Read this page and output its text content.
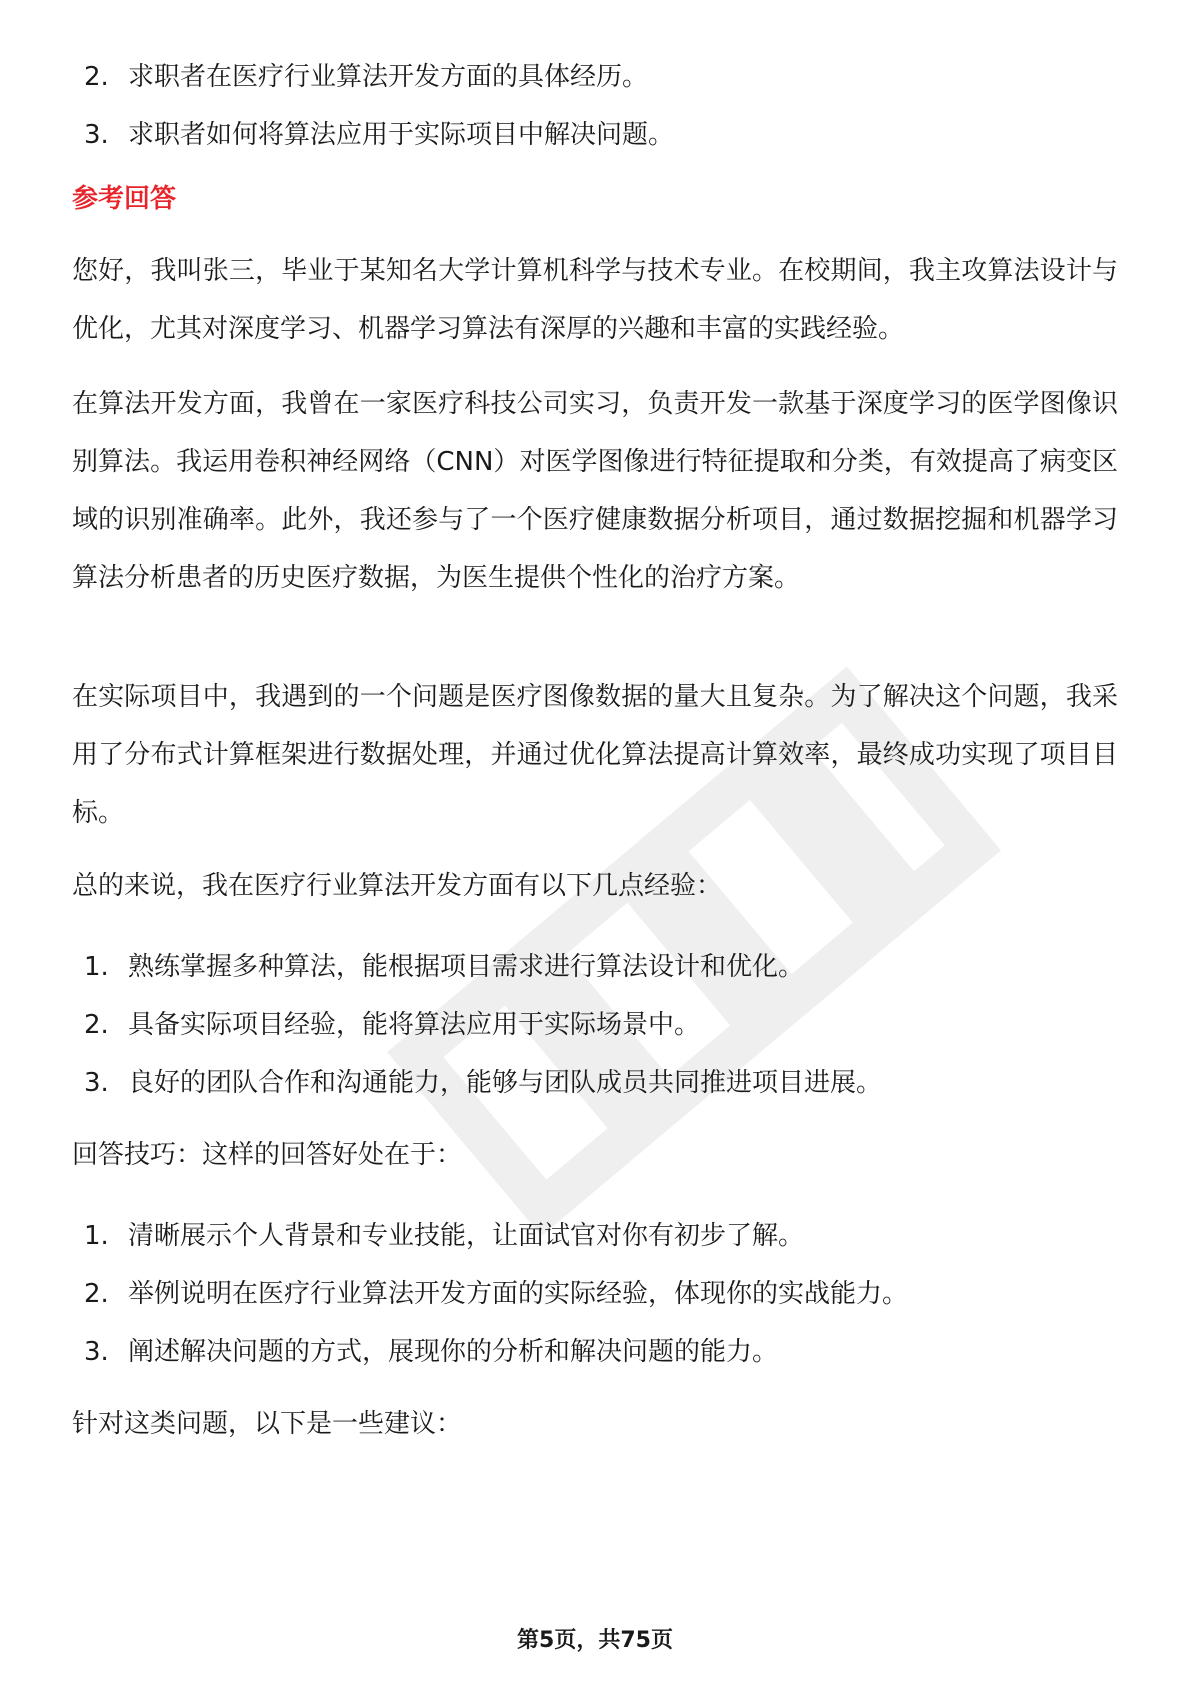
2. 求职者在医疗行业算法开发方面的具体经历。
3. 求职者如何将算法应用于实际项目中解决问题。
参考回答

您好，我叫张三，毕业于某知名大学计算机科学与技术专业。在校期间，我主攻算法设计与优化，尤其对深度学习、机器学习算法有深厚的兴趣和丰富的实践经验。

在算法开发方面，我曾在一家医疗科技公司实习，负责开发一款基于深度学习的医学图像识别算法。我运用卷积神经网络（CNN）对医学图像进行特征提取和分类，有效提高了病变区域的识别准确率。此外，我还参与了一个医疗健康数据分析项目，通过数据挖掘和机器学习算法分析患者的历史医疗数据，为医生提供个性化的治疗方案。

在实际项目中，我遇到的一个问题是医疗图像数据的量大且复杂。为了解决这个问题，我采用了分布式计算框架进行数据处理，并通过优化算法提高计算效率，最终成功实现了项目目标。

总的来说，我在医疗行业算法开发方面有以下几点经验：

1. 熟练掌握多种算法，能根据项目需求进行算法设计和优化。
2. 具备实际项目经验，能将算法应用于实际场景中。
3. 良好的团队合作和沟通能力，能够与团队成员共同推进项目进展。

回答技巧：这样的回答好处在于：

1. 清晰展示个人背景和专业技能，让面试官对你有初步了解。
2. 举例说明在医疗行业算法开发方面的实际经验，体现你的实战能力。
3. 阐述解决问题的方式，展现你的分析和解决问题的能力。

针对这类问题，以下是一些建议：

第5页，共75页
